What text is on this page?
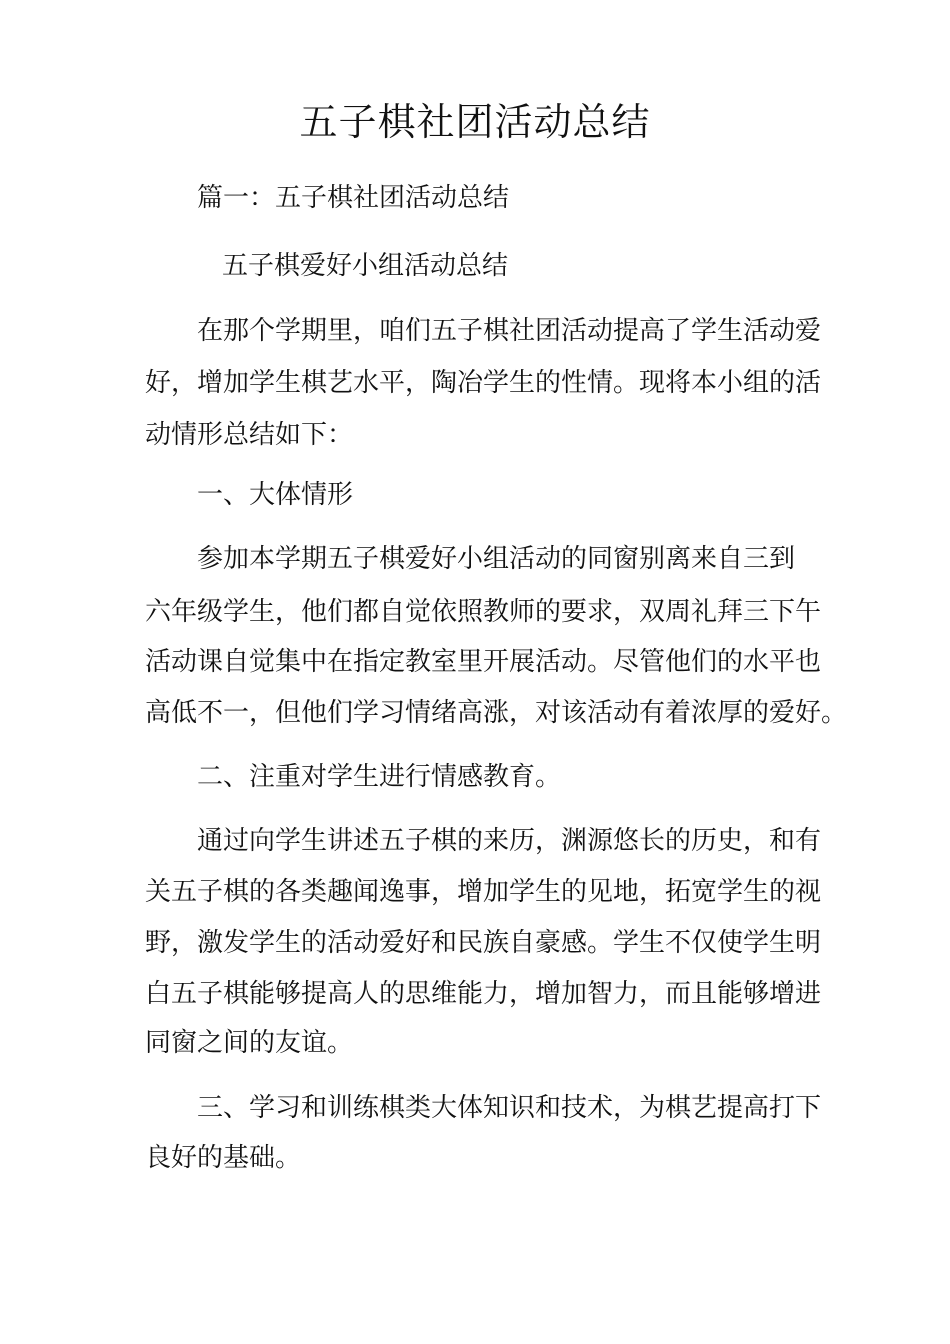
五子棋社团活动总结

篇一：五子棋社团活动总结

五子棋爱好小组活动总结

在那个学期里，咱们五子棋社团活动提高了学生活动爱

好，增加学生棋艺水平，陶冶学生的性情。现将本小组的活

动情形总结如下：

一、大体情形

参加本学期五子棋爱好小组活动的同窗别离来自三到

六年级学生，他们都自觉依照教师的要求，双周礼拜三下午

活动课自觉集中在指定教室里开展活动。尽管他们的水平也

高低不一，但他们学习情绪高涨，对该活动有着浓厚的爱好。

二、注重对学生进行情感教育。

通过向学生讲述五子棋的来历，渊源悠长的历史，和有

关五子棋的各类趣闻逸事，增加学生的见地，拓宽学生的视

野，激发学生的活动爱好和民族自豪感。学生不仅使学生明

白五子棋能够提高人的思维能力，增加智力，而且能够增进

同窗之间的友谊。

三、学习和训练棋类大体知识和技术，为棋艺提高打下

良好的基础。
